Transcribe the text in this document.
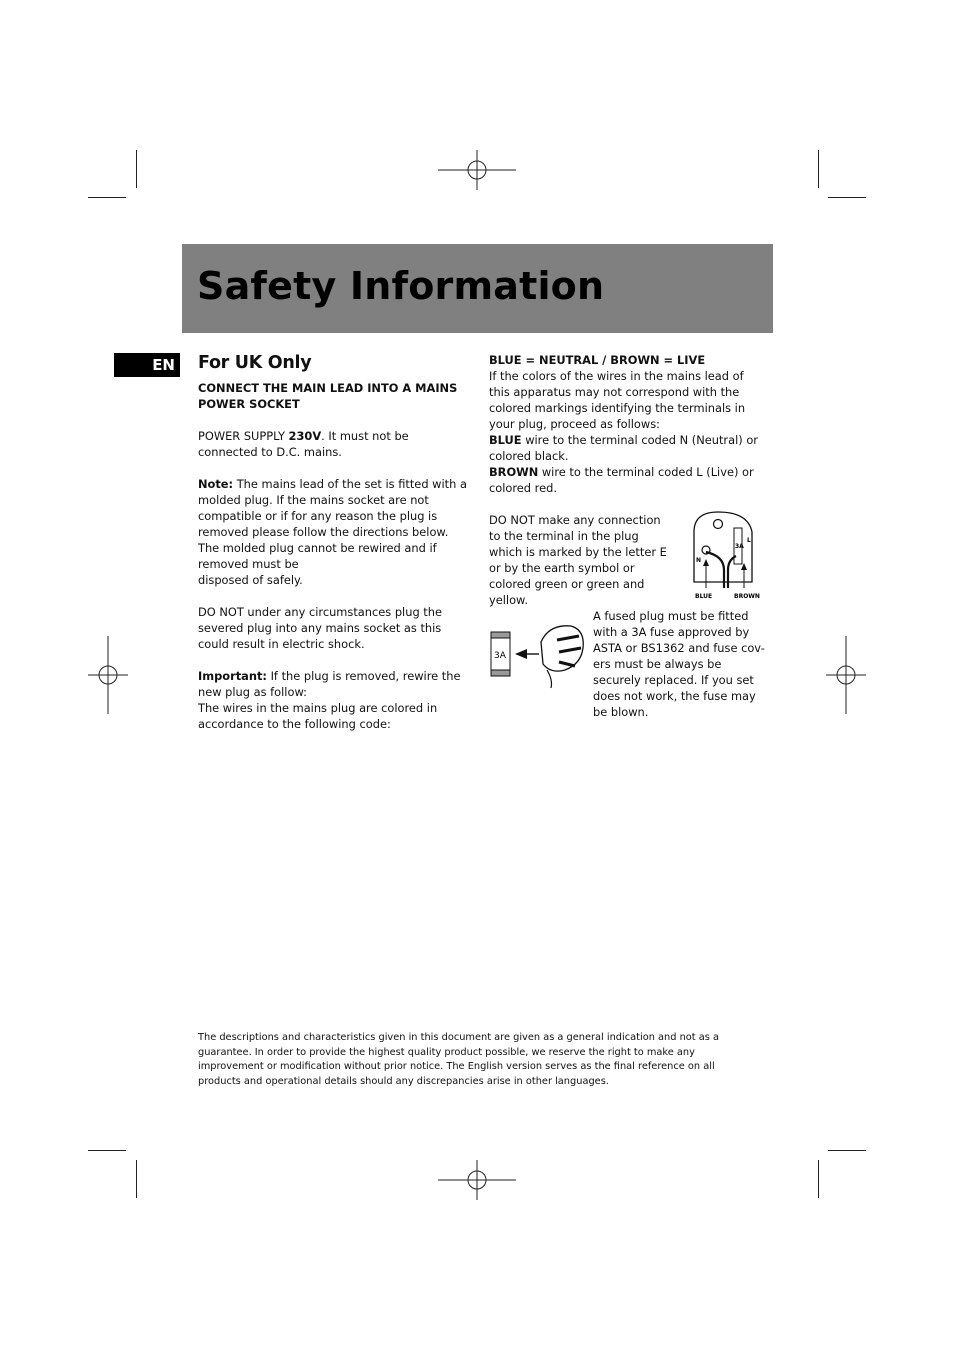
Safety Information
EN For UK Only
CONNECT THE MAIN LEAD INTO A MAINS POWER SOCKET

POWER SUPPLY 230V. It must not be connected to D.C. mains.

Note: The mains lead of the set is fitted with a molded plug. If the mains socket are not compatible or if for any reason the plug is removed please follow the directions below. The molded plug cannot be rewired and if removed must be

disposed of safely.

DO NOT under any circumstances plug the severed plug into any mains socket as this could result in electric shock.

Important: If the plug is removed, rewire the new plug as follow:

The wires in the mains plug are colored in accordance to the following code:

BLUE = NEUTRAL / BROWN = LIVE

If the colors of the wires in the mains lead of this apparatus may not correspond with the colored markings identifying the terminals in your plug, proceed as follows:

BLUE wire to the terminal coded N (Neutral) or colored black.

BROWN wire to the terminal coded L (Live) or

colored red.

DO NOT make any connection to the terminal in the plug which is marked by the letter E or by the earth symbol or colored green or green and yellow.
3A
L
N
BLUE	BROWN
3A
A fused plug must be fitted with a 3A fuse approved by ASTA or BS1362 and fuse cov-ers must be always be securely replaced. If you set does not work, the fuse may be blown.
The descriptions and characteristics given in this document are given as a general indication and not as a guarantee. In order to provide the highest quality product possible, we reserve the right to make any improvement or modification without prior notice. The English version serves as the final reference on all products and operational details should any discrepancies arise in other languages.
